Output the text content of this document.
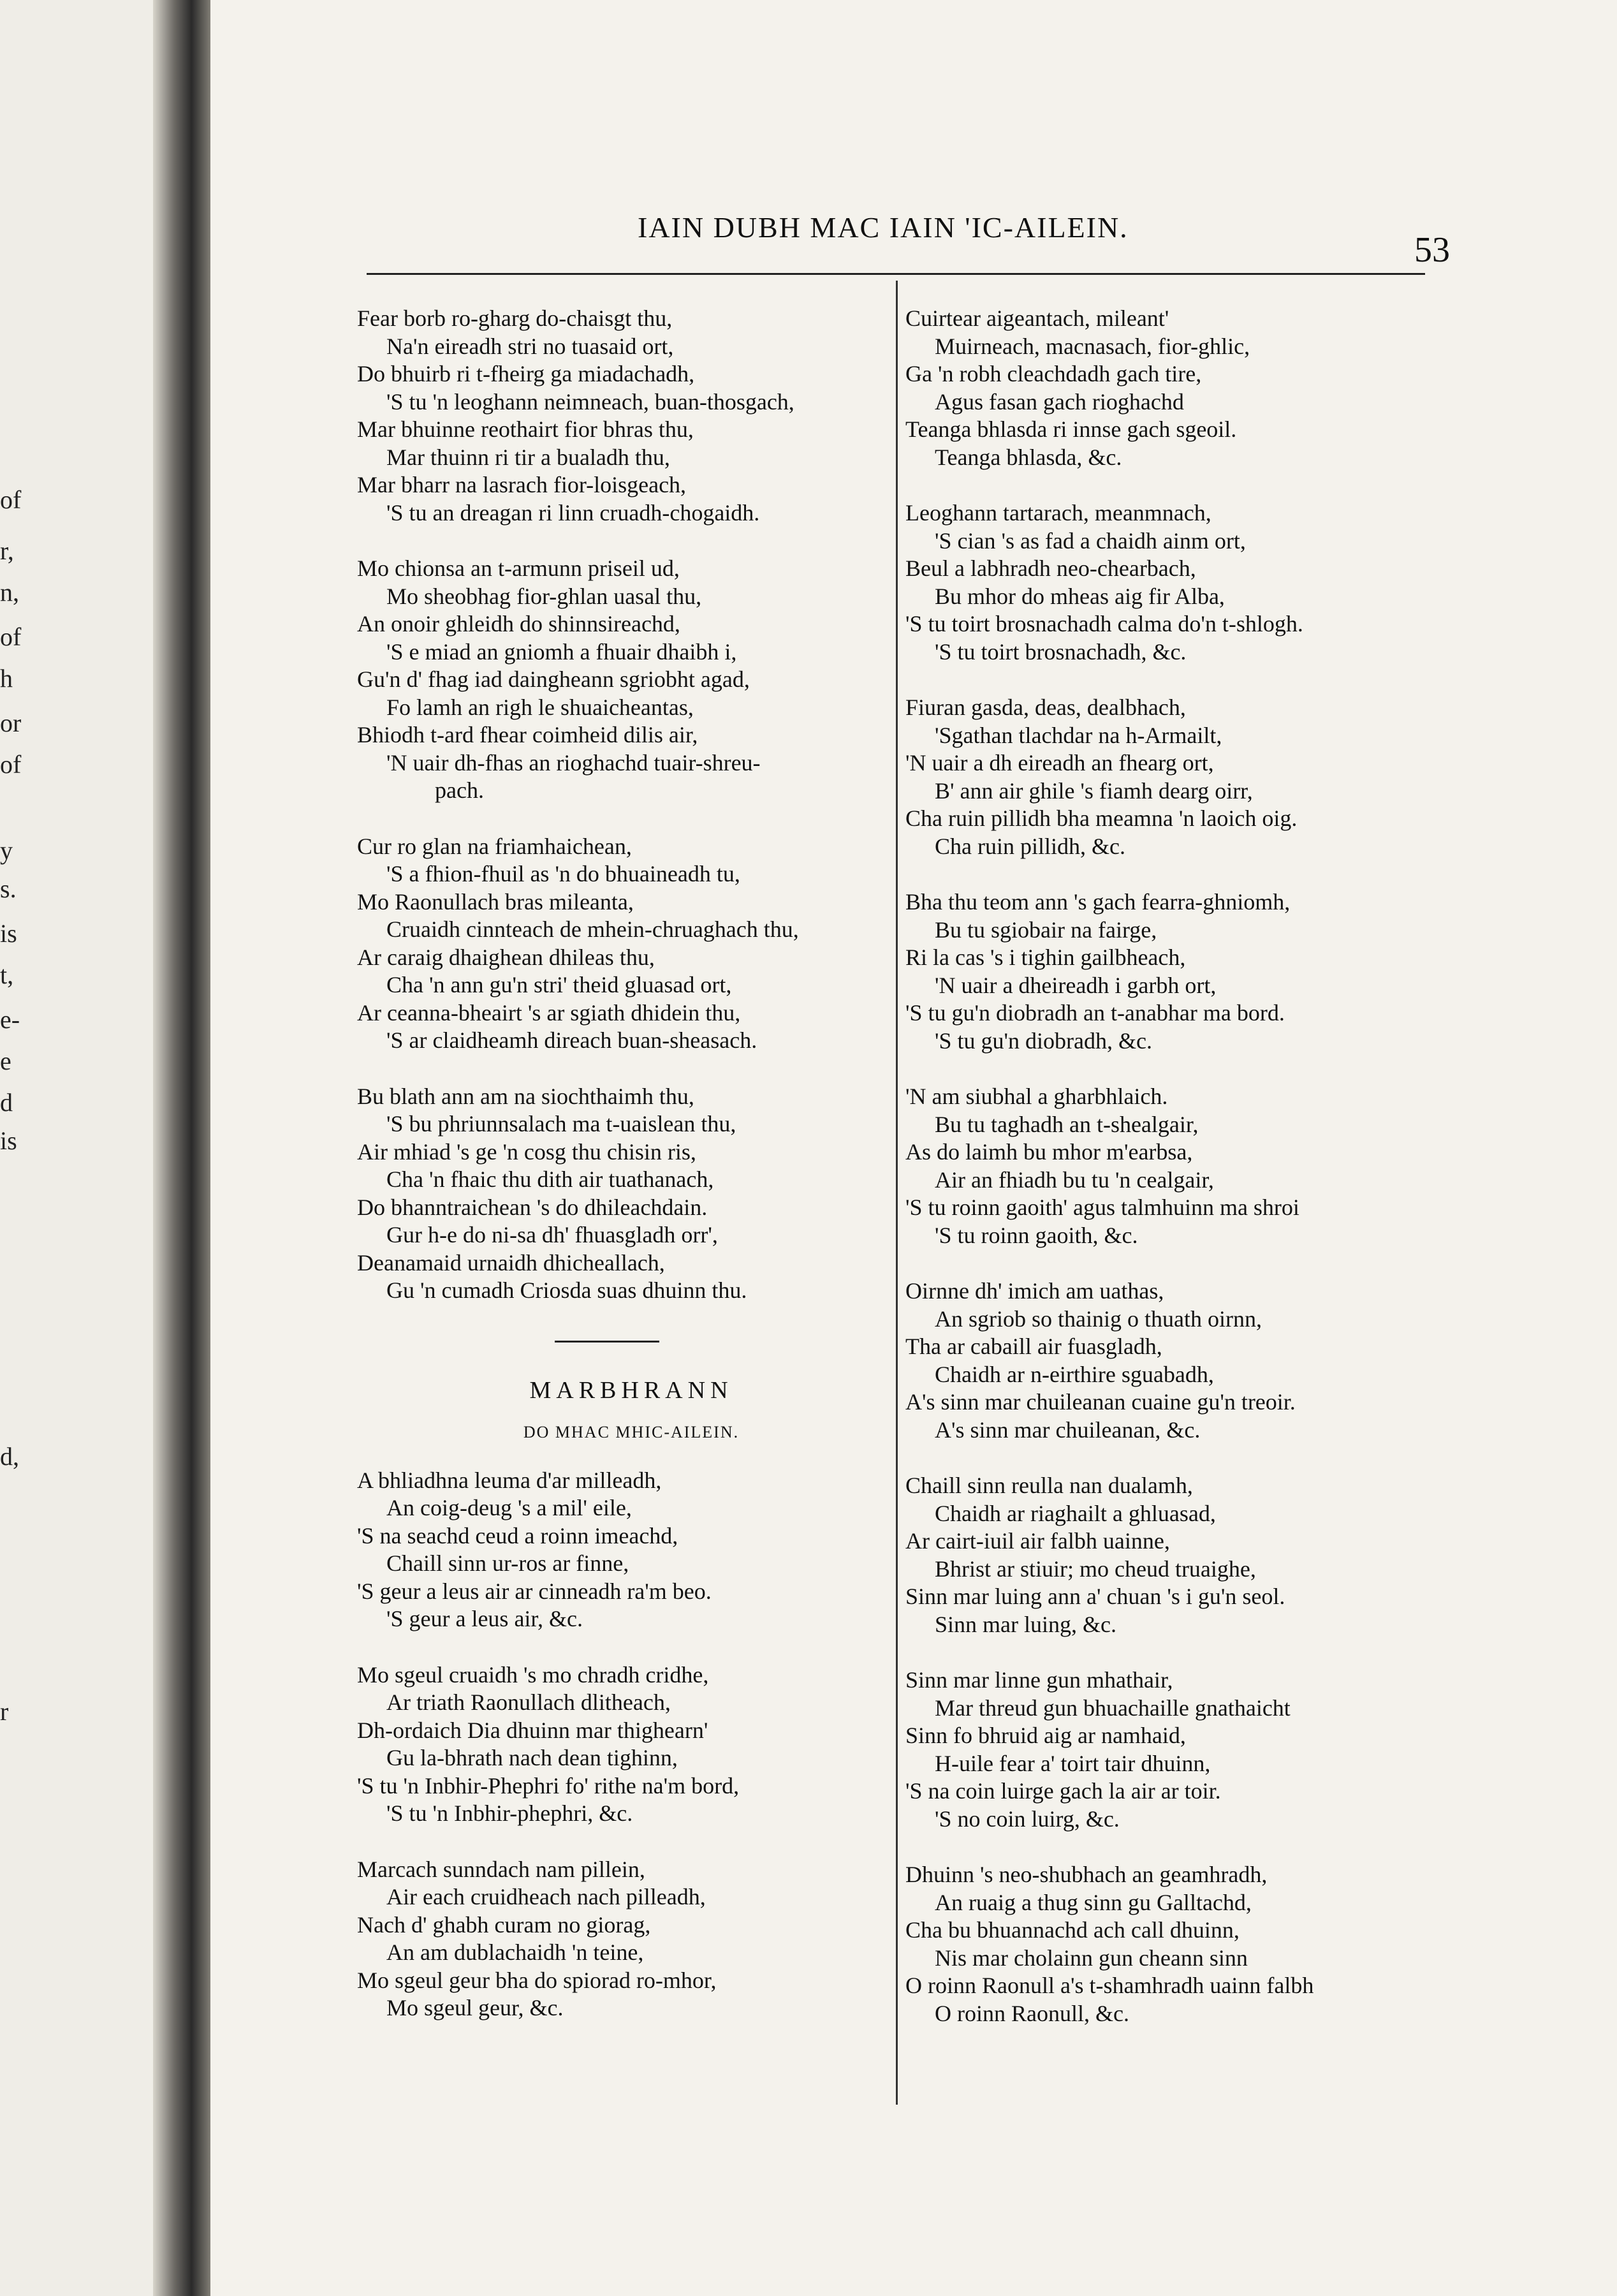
of
r,
n,
of
h
or
of
y
s.
is
t,
e-
e
d
is
d,
r
IAIN DUBH MAC IAIN 'IC-AILEIN.
53
Fear borb ro-gharg do-chaisgt thu,
Na'n eireadh stri no tuasaid ort,
Do bhuirb ri t-fheirg ga miadachadh,
'S tu 'n leoghann neimneach, buan-thosgach,
Mar bhuinne reothairt fior bhras thu,
Mar thuinn ri tir a bualadh thu,
Mar bharr na lasrach fior-loisgeach,
'S tu an dreagan ri linn cruadh-chogaidh.
Mo chionsa an t-armunn priseil ud,
Mo sheobhag fior-ghlan uasal thu,
An onoir ghleidh do shinnsireachd,
'S e miad an gniomh a fhuair dhaibh i,
Gu'n d' fhag iad daingheann sgriobht agad,
Fo lamh an righ le shuaicheantas,
Bhiodh t-ard fhear coimheid dilis air,
'N uair dh-fhas an rioghachd tuair-shreu-
pach.
Cur ro glan na friamhaichean,
'S a fhion-fhuil as 'n do bhuaineadh tu,
Mo Raonullach bras mileanta,
Cruaidh cinnteach de mhein-chruaghach thu,
Ar caraig dhaighean dhileas thu,
Cha 'n ann gu'n stri' theid gluasad ort,
Ar ceanna-bheairt 's ar sgiath dhidein thu,
'S ar claidheamh direach buan-sheasach.
Bu blath ann am na siochthaimh thu,
'S bu phriunnsalach ma t-uaislean thu,
Air mhiad 's ge 'n cosg thu chisin ris,
Cha 'n fhaic thu dith air tuathanach,
Do bhanntraichean 's do dhileachdain.
Gur h-e do ni-sa dh' fhuasgladh orr',
Deanamaid urnaidh dhicheallach,
Gu 'n cumadh Criosda suas dhuinn thu.
MARBHRANN
DO MHAC MHIC-AILEIN.
A bhliadhna leuma d'ar milleadh,
An coig-deug 's a mil' eile,
'S na seachd ceud a roinn imeachd,
Chaill sinn ur-ros ar finne,
'S geur a leus air ar cinneadh ra'm beo.
'S geur a leus air, &c.
Mo sgeul cruaidh 's mo chradh cridhe,
Ar triath Raonullach dlitheach,
Dh-ordaich Dia dhuinn mar thighearn'
Gu la-bhrath nach dean tighinn,
'S tu 'n Inbhir-Phephri fo' rithe na'm bord,
'S tu 'n Inbhir-phephri, &c.
Marcach sunndach nam pillein,
Air each cruidheach nach pilleadh,
Nach d' ghabh curam no giorag,
An am dublachaidh 'n teine,
Mo sgeul geur bha do spiorad ro-mhor,
Mo sgeul geur, &c.
Cuirtear aigeantach, mileant'
Muirneach, macnasach, fior-ghlic,
Ga 'n robh cleachdadh gach tire,
Agus fasan gach rioghachd
Teanga bhlasda ri innse gach sgeoil.
Teanga bhlasda, &c.
Leoghann tartarach, meanmnach,
'S cian 's as fad a chaidh ainm ort,
Beul a labhradh neo-chearbach,
Bu mhor do mheas aig fir Alba,
'S tu toirt brosnachadh calma do'n t-shlogh.
'S tu toirt brosnachadh, &c.
Fiuran gasda, deas, dealbhach,
'Sgathan tlachdar na h-Armailt,
'N uair a dh eireadh an fhearg ort,
B' ann air ghile 's fiamh dearg oirr,
Cha ruin pillidh bha meamna 'n laoich oig.
Cha ruin pillidh, &c.
Bha thu teom ann 's gach fearra-ghniomh,
Bu tu sgiobair na fairge,
Ri la cas 's i tighin gailbheach,
'N uair a dheireadh i garbh ort,
'S tu gu'n diobradh an t-anabhar ma bord.
'S tu gu'n diobradh, &c.
'N am siubhal a gharbhlaich.
Bu tu taghadh an t-shealgair,
As do laimh bu mhor m'earbsa,
Air an fhiadh bu tu 'n cealgair,
'S tu roinn gaoith' agus talmhuinn ma shroi
'S tu roinn gaoith, &c.
Oirnne dh' imich am uathas,
An sgriob so thainig o thuath oirnn,
Tha ar cabaill air fuasgladh,
Chaidh ar n-eirthire sguabadh,
A's sinn mar chuileanan cuaine gu'n treoir.
A's sinn mar chuileanan, &c.
Chaill sinn reulla nan dualamh,
Chaidh ar riaghailt a ghluasad,
Ar cairt-iuil air falbh uainne,
Bhrist ar stiuir; mo cheud truaighe,
Sinn mar luing ann a' chuan 's i gu'n seol.
Sinn mar luing, &c.
Sinn mar linne gun mhathair,
Mar threud gun bhuachaille gnathaicht
Sinn fo bhruid aig ar namhaid,
H-uile fear a' toirt tair dhuinn,
'S na coin luirge gach la air ar toir.
'S no coin luirg, &c.
Dhuinn 's neo-shubhach an geamhradh,
An ruaig a thug sinn gu Galltachd,
Cha bu bhuannachd ach call dhuinn,
Nis mar cholainn gun cheann sinn
O roinn Raonull a's t-shamhradh uainn falbh
O roinn Raonull, &c.
